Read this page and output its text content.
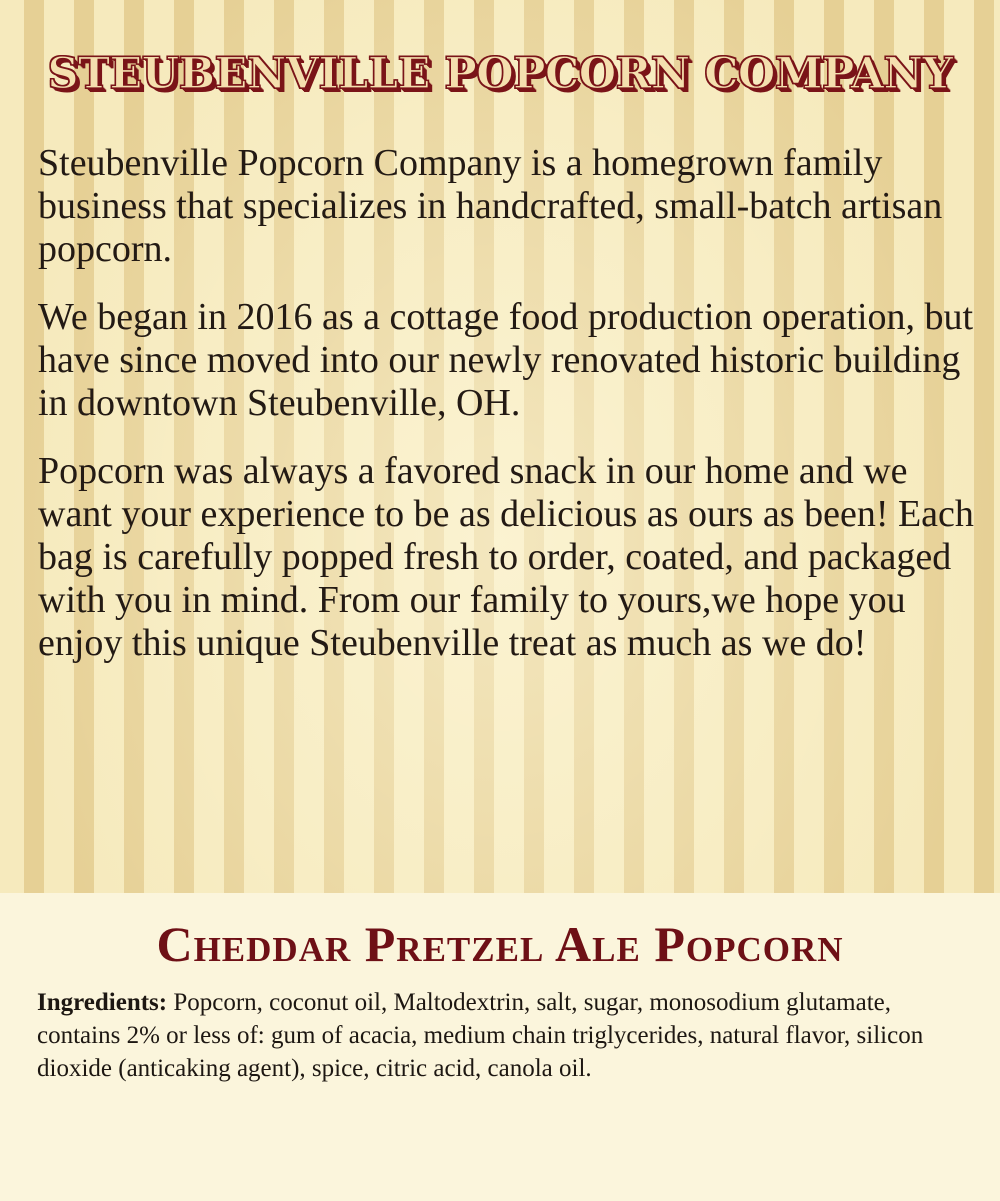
STEUBENVILLE POPCORN COMPANY

Steubenville Popcorn Company is a homegrown family business that specializes in handcrafted, small-batch artisan popcorn.

We began in 2016 as a cottage food production operation, but have since moved into our newly renovated historic building in downtown Steubenville, OH.

Popcorn was always a favored snack in our home and we want your experience to be as delicious as ours as been! Each bag is carefully popped fresh to order, coated, and packaged with you in mind. From our family to yours,we hope you enjoy this unique Steubenville treat as much as we do!

Cheddar Pretzel Ale Popcorn
Ingredients: Popcorn, coconut oil, Maltodextrin, salt, sugar, monosodium glutamate, contains 2% or less of: gum of acacia, medium chain triglycerides, natural flavor, silicon dioxide (anticaking agent), spice, citric acid, canola oil.
